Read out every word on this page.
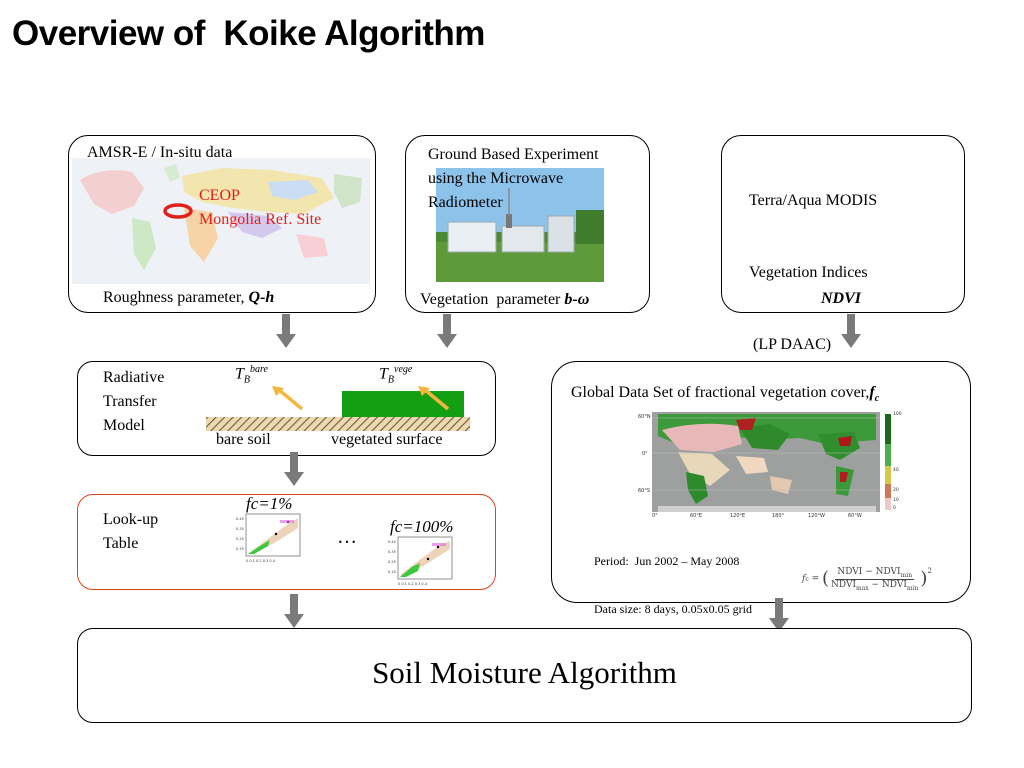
Overview of  Koike Algorithm
AMSR-E / In-situ data
CEOP
Mongolia Ref. Site
Roughness parameter, Q-h
Ground Based Experiment
using the Microwave
Radiometer
Vegetation  parameter b-ω

Terra/Aqua MODIS

Vegetation Indices

(LP DAAC)

NDVI
Radiative
Transfer
Model
$T_B^{bare}$	$T_B^{vege}$
bare soil	vegetated surface

Global Data Set of fractional vegetation $cover,f_c$

60°N
0°
60°S
0°	60°E	120°E	180°	120°W	60°W
100
40
20
10
0

Period:  Jun 2002 – May 2008

Data size: 8 days, 0.05x0.05 grid

f c = ( NDVI − $NDVI_{min}$
$NDVI_{max}$ − $NDVI_{min}$ )$^2$
Look-up
Table
fc=1%
0.45
0.35
0.25
0.15
0 0.1 0.2 0.3 0.4
… fc=100%
0.45
0.35
0.25
0.15
0 0.1 0.2 0.3 0.4
Soil Moisture Algorithm
